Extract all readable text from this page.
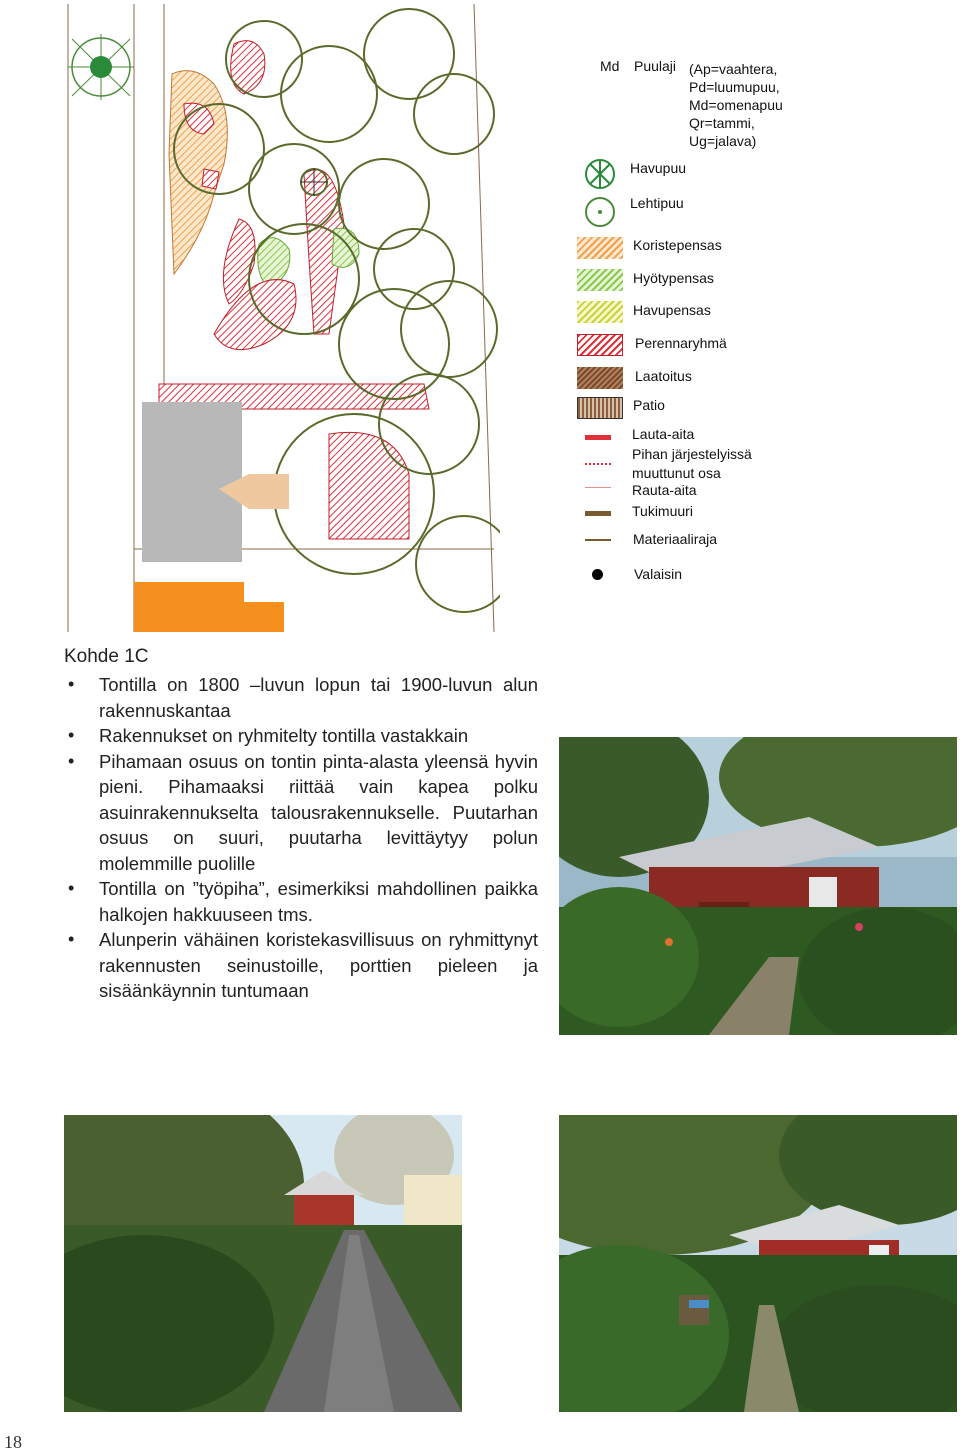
Md Puulaji (Ap=vaahtera,
Pd=luumupuu,
Md=omenapuu
Qr=tammi,
Ug=jalava)
Havupuu
Lehtipuu
Koristepensas
Hyötypensas
Havupensas
Perennaryhmä
Laatoitus
Patio
Lauta-aita
Pihan järjestelyissä
muuttunut osa
Rauta-aita
Tukimuuri
Materiaaliraja
Valaisin
Kohde 1C
• Tontilla on 1800 –luvun lopun tai 1900-luvun alun rakennuskantaa
• Rakennukset on ryhmitelty tontilla vastakkain
• Pihamaan osuus on tontin pinta-alasta yleensä hyvin pieni. Pihamaaksi riittää vain kapea polku asuinrakennukselta talousrakennukselle. Puutarhan osuus on suuri, puutarha levittäytyy polun molemmille puolille
• Tontilla on ”työpiha”, esimerkiksi mahdollinen paikka halkojen hakkuuseen tms.
• Alunperin vähäinen koristekasvillisuus on ryhmittynyt rakennusten seinustoille, porttien pieleen ja sisäänkäynnin tuntumaan
18
